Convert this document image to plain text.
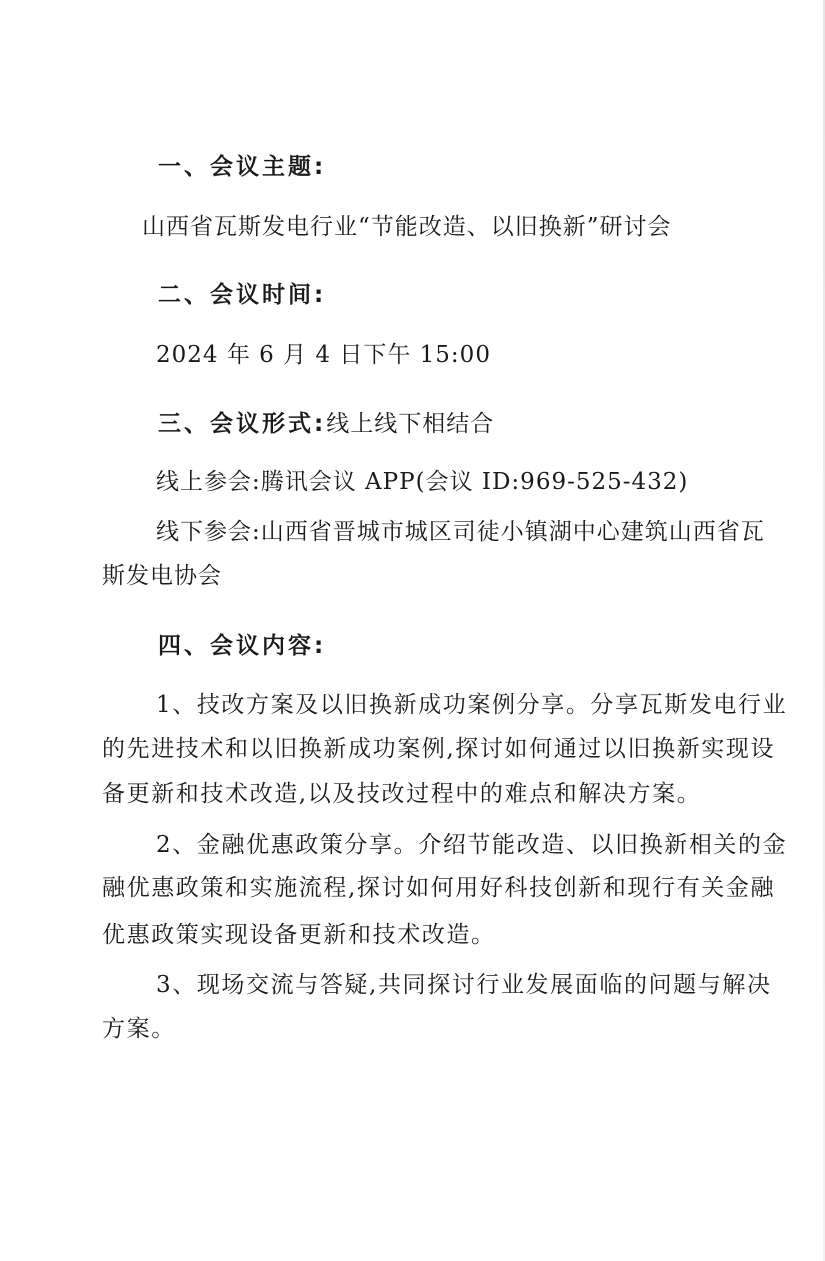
一、会议主题:
山西省瓦斯发电行业“节能改造、以旧换新”研讨会
二、会议时间:
2024 年 6 月 4 日下午 15:00
三、会议形式:线上线下相结合
线上参会:腾讯会议 APP(会议 ID:969-525-432)
线下参会:山西省晋城市城区司徒小镇湖中心建筑山西省瓦
斯发电协会
四、会议内容:
1、技改方案及以旧换新成功案例分享。分享瓦斯发电行业
的先进技术和以旧换新成功案例,探讨如何通过以旧换新实现设
备更新和技术改造,以及技改过程中的难点和解决方案。
2、金融优惠政策分享。介绍节能改造、以旧换新相关的金
融优惠政策和实施流程,探讨如何用好科技创新和现行有关金融
优惠政策实现设备更新和技术改造。
3、现场交流与答疑,共同探讨行业发展面临的问题与解决
方案。
